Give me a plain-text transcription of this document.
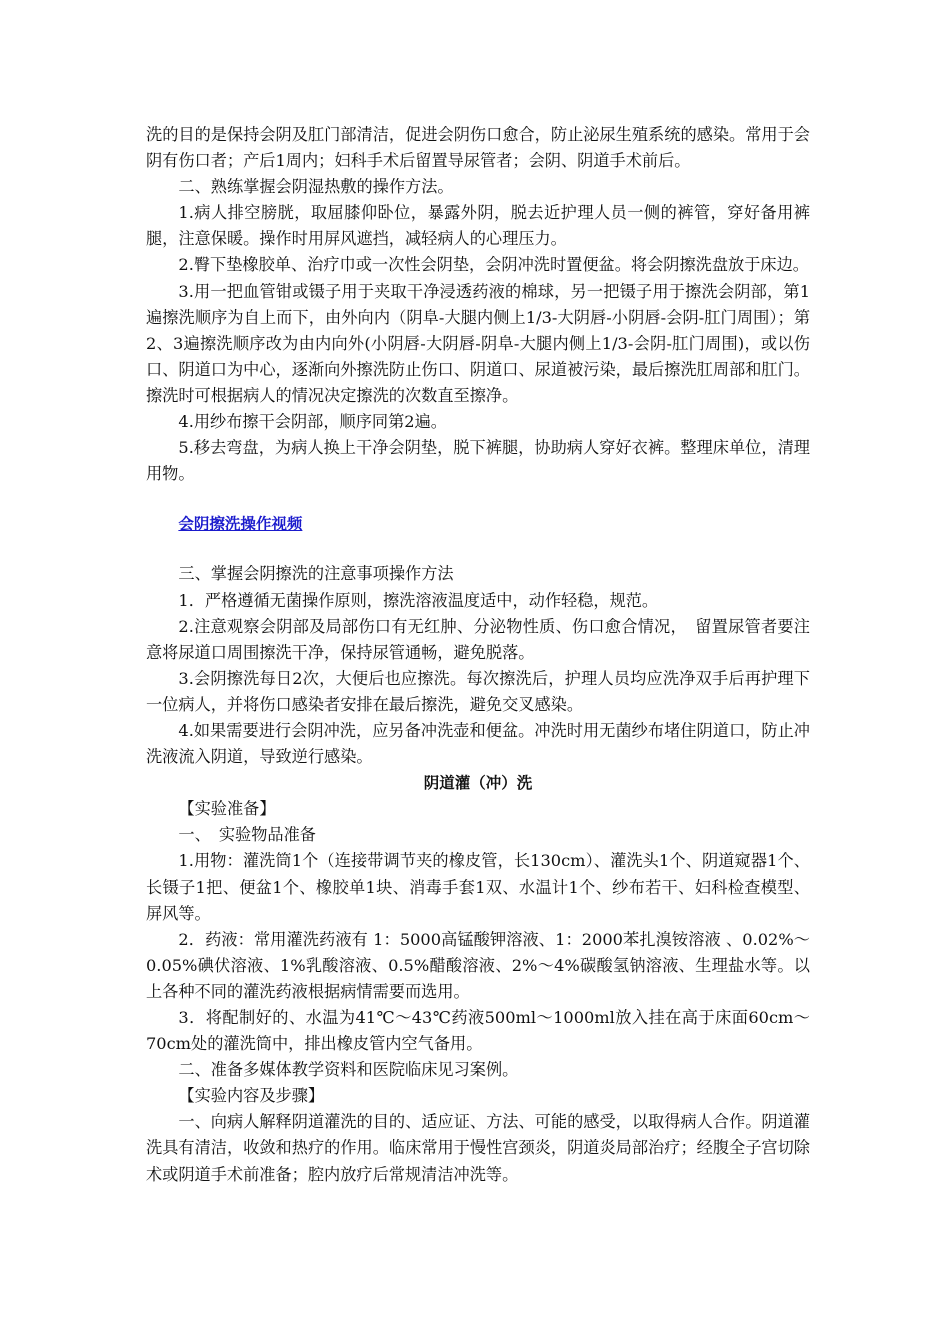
洗的目的是保持会阴及肛门部清洁，促进会阴伤口愈合，防止泌尿生殖系统的感染。常用于会阴有伤口者；产后1周内；妇科手术后留置导尿管者；会阴、阴道手术前后。

二、熟练掌握会阴湿热敷的操作方法。

1.病人排空膀胱，取屈膝仰卧位，暴露外阴，脱去近护理人员一侧的裤管，穿好备用裤腿，注意保暖。操作时用屏风遮挡，减轻病人的心理压力。

2.臀下垫橡胶单、治疗巾或一次性会阴垫，会阴冲洗时置便盆。将会阴擦洗盘放于床边。

3.用一把血管钳或镊子用于夹取干净浸透药液的棉球，另一把镊子用于擦洗会阴部，第1遍擦洗顺序为自上而下，由外向内（阴阜-大腿内侧上1/3-大阴唇-小阴唇-会阴-肛门周围）；第2、3遍擦洗顺序改为由内向外(小阴唇-大阴唇-阴阜-大腿内侧上1/3-会阴-肛门周围)，或以伤口、阴道口为中心，逐渐向外擦洗防止伤口、阴道口、尿道被污染，最后擦洗肛周部和肛门。擦洗时可根据病人的情况决定擦洗的次数直至擦净。

4.用纱布擦干会阴部，顺序同第2遍。

5.移去弯盘，为病人换上干净会阴垫，脱下裤腿，协助病人穿好衣裤。整理床单位，清理用物。

会阴擦洗操作视频

三、掌握会阴擦洗的注意事项操作方法

1．严格遵循无菌操作原则，擦洗溶液温度适中，动作轻稳，规范。

2.注意观察会阴部及局部伤口有无红肿、分泌物性质、伤口愈合情况，　留置尿管者要注意将尿道口周围擦洗干净，保持尿管通畅，避免脱落。

3.会阴擦洗每日2次，大便后也应擦洗。每次擦洗后，护理人员均应洗净双手后再护理下一位病人，并将伤口感染者安排在最后擦洗，避免交叉感染。

4.如果需要进行会阴冲洗，应另备冲洗壶和便盆。冲洗时用无菌纱布堵住阴道口，防止冲洗液流入阴道，导致逆行感染。

阴道灌（冲）洗

【实验准备】

一、　实验物品准备

1.用物：灌洗筒1个（连接带调节夹的橡皮管，长130cm）、灌洗头1个、阴道窥器1个、长镊子1把、便盆1个、橡胶单1块、消毒手套1双、水温计1个、纱布若干、妇科检查模型、屏风等。

2．药液：常用灌洗药液有 1：5000高锰酸钾溶液、1：2000苯扎溴铵溶液 、0.02%～0.05%碘伏溶液、1%乳酸溶液、0.5%醋酸溶液、2%～4%碳酸氢钠溶液、生理盐水等。以上各种不同的灌洗药液根据病情需要而选用。

3．将配制好的、水温为41℃～43℃药液500ml～1000ml放入挂在高于床面60cm～70cm处的灌洗筒中，排出橡皮管内空气备用。

二、准备多媒体教学资料和医院临床见习案例。

【实验内容及步骤】

一、向病人解释阴道灌洗的目的、适应证、方法、可能的感受，以取得病人合作。阴道灌洗具有清洁，收敛和热疗的作用。临床常用于慢性宫颈炎，阴道炎局部治疗；经腹全子宫切除术或阴道手术前准备；腔内放疗后常规清洁冲洗等。
